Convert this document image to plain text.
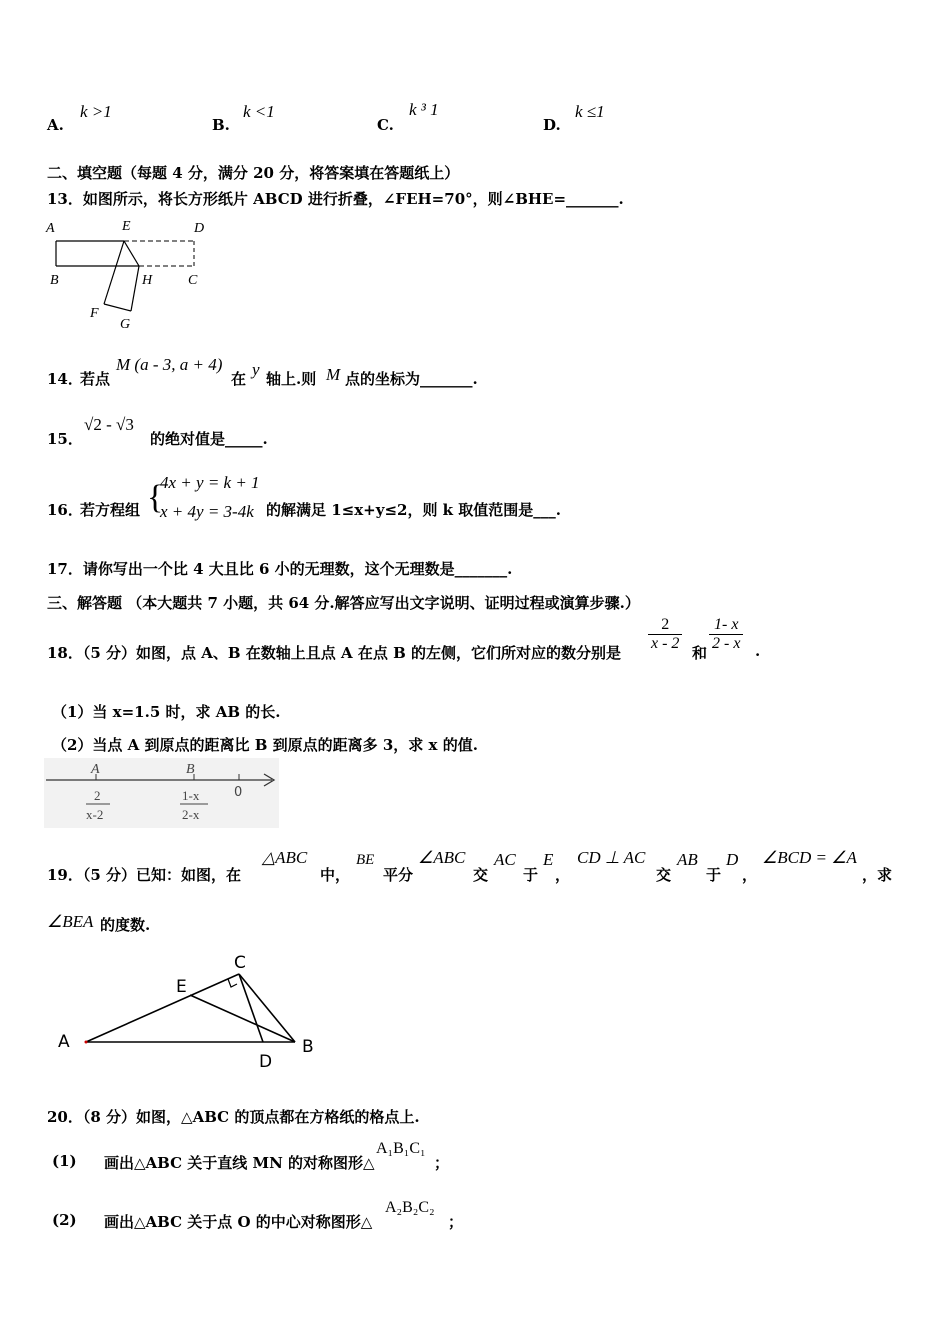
A.
k >1
B.
k <1
C.
k ³ 1
D.
k ≤1
二、填空题（每题 4 分，满分 20 分，将答案填在答题纸上）
13．如图所示，将长方形纸片 ABCD 进行折叠，∠FEH=70°，则∠BHE=_______.
A	E	D
B	H	C
F
G
14．
若点
M (a - 3, a + 4)
在 y 轴上.则 M 点的坐标为_______.
15．
√2 - √3
的绝对值是_____.
16．
若方程组 {
4x + y = k + 1
x + 4y = 3-4k 的解满足 1≤x+y≤2，则 k 取值范围是___.
17．请你写出一个比 4 大且比 6 小的无理数，这个无理数是_______.
三、解答题 （本大题共 7 小题，共 64 分.解答应写出文字说明、证明过程或演算步骤.）
18．（5 分）如图，点 A、B 在数轴上且点 A 在点 B 的左侧，它们所对应的数分别是 $\frac{2}{x - 2}$ 和 $\frac{1- x}{2 - x}$ .
（1）当 x=1.5 时，求 AB 的长.
（2）当点 A 到原点的距离比 B 到原点的距离多 3，求 x 的值.
A	B
0
2
x-2
1-x
2-x
19．（5 分）已知：如图，在
△ABC
中，
BE
平分
∠ABC
交
AC
于
E
，
CD ⊥ AC
交
AB
于
D
，
∠BCD = ∠A
，求
∠BEA 的度数.
A	B
C
D
E
20．（8 分）如图，△ABC 的顶点都在方格纸的格点上.
(1) 画出△ABC 关于直线 MN 的对称图形△
A₁B₁C₁
；
(2) 画出△ABC 关于点 O 的中心对称图形△
A₂B₂C₂
；
